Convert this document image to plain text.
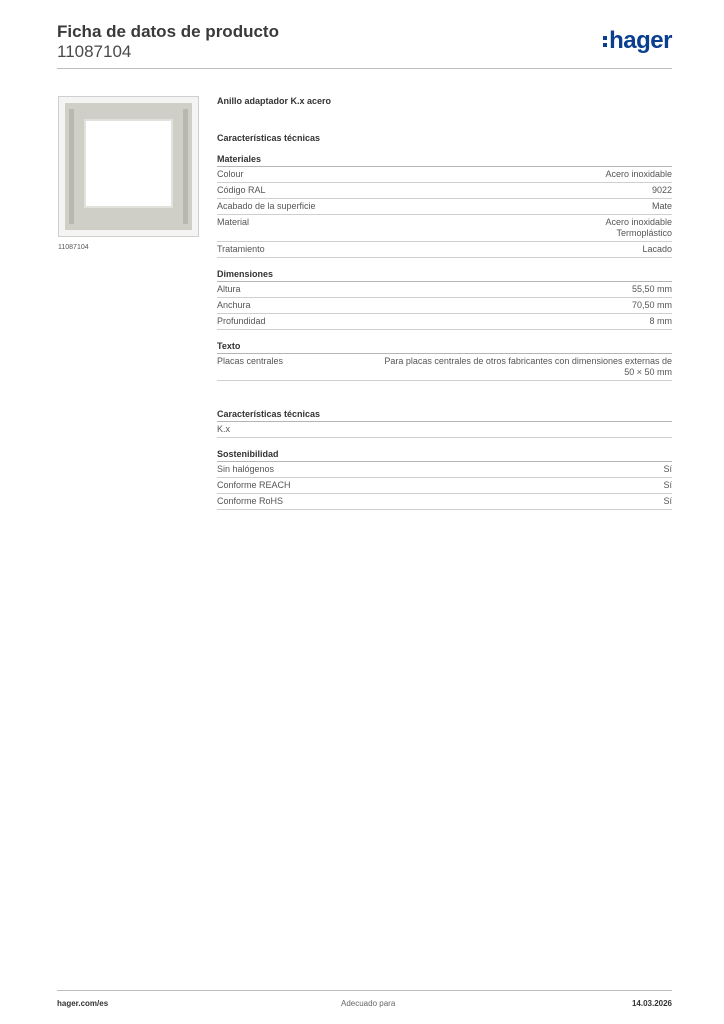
Ficha de datos de producto
11087104	hager
11087104
Anillo adaptador K.x acero
Características técnicas
Materiales
Colour	Acero inoxidable
Código RAL	9022
Acabado de la superficie	Mate
Material	Acero inoxidable
Termoplástico
Tratamiento	Lacado
Dimensiones
Altura	55,50 mm
Anchura	70,50 mm
Profundidad	8 mm
Texto
Placas centrales	Para placas centrales de otros fabricantes con dimensiones externas de
50 × 50 mm
Características técnicas
K.x
Sostenibilidad
Sin halógenos	Sí
Conforme REACH	Sí
Conforme RoHS	Sí
hager.com/es	Adecuado para	14.03.2026
